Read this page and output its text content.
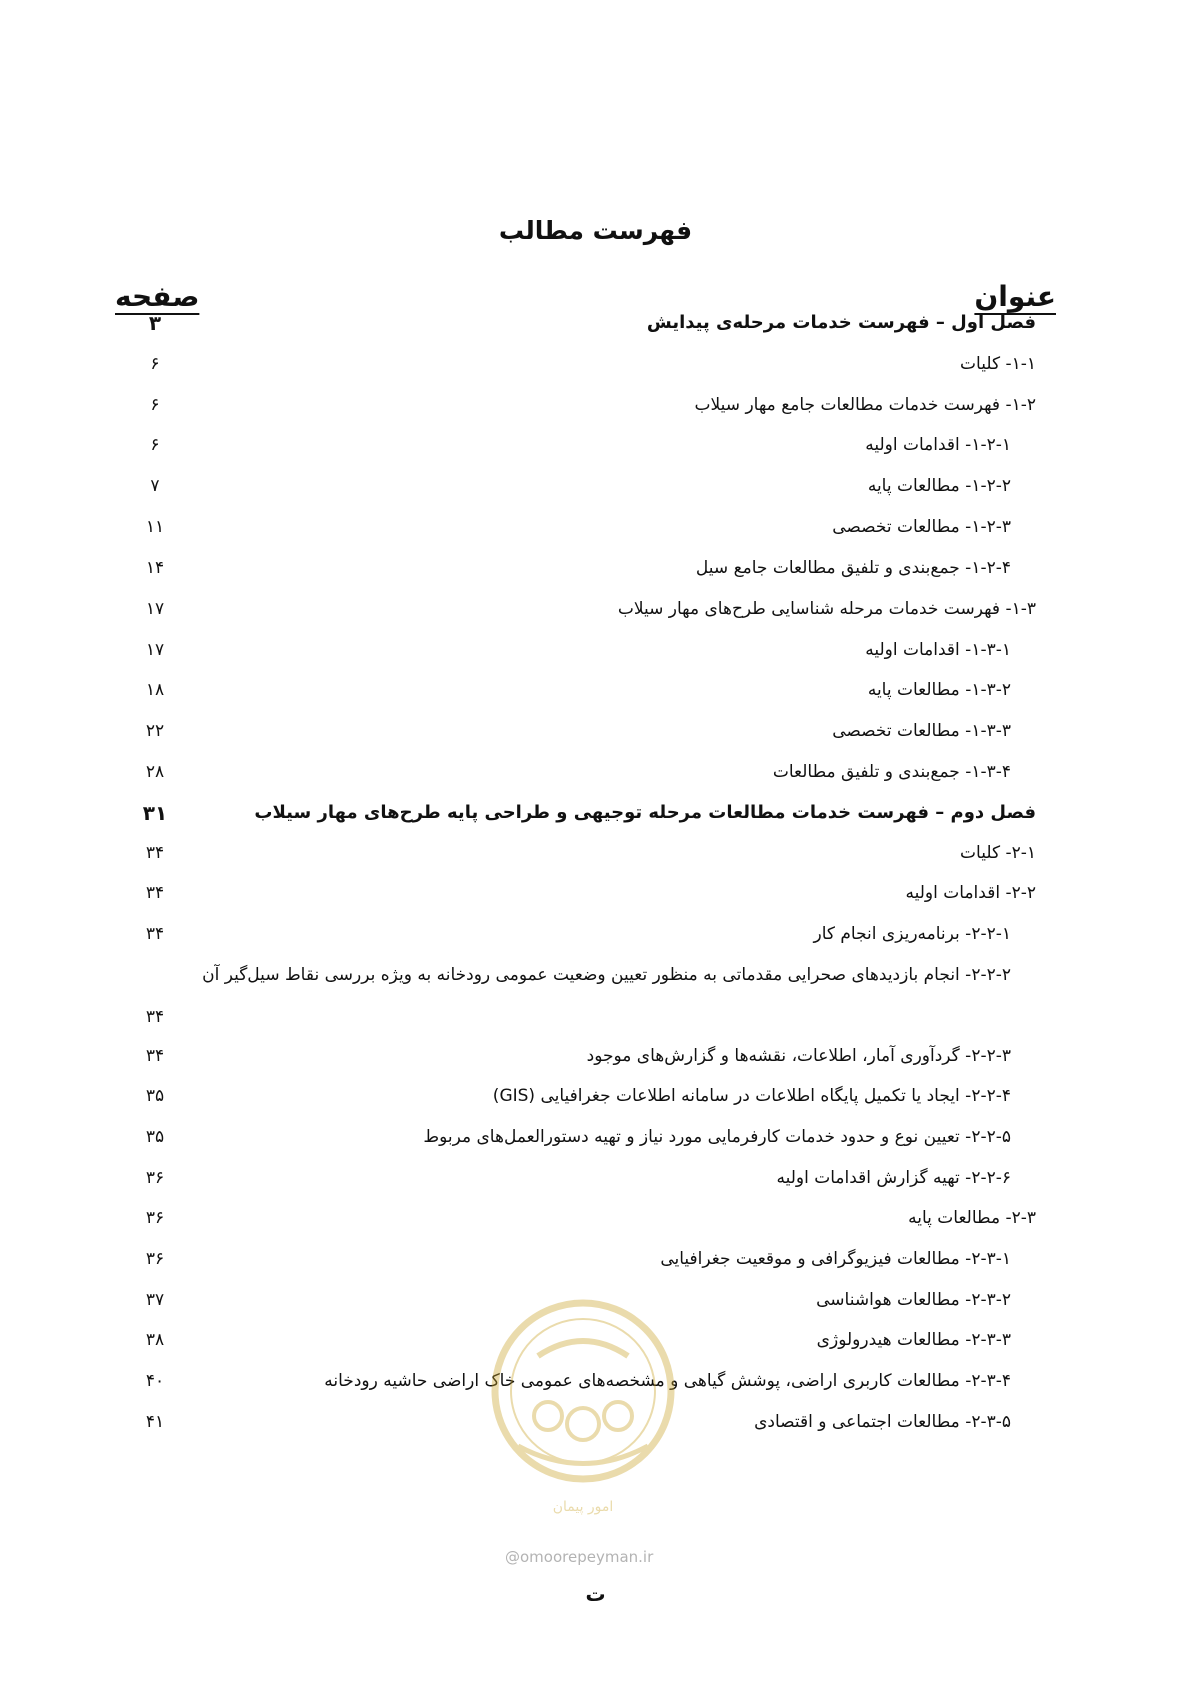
فهرست مطالب
عنوان
صفحه
فصل اول – فهرست خدمات مرحله‌ی پیدایش
۳
۱-۱- کلیات
۶
۱-۲- فهرست خدمات مطالعات جامع مهار سیلاب
۶
۱-۲-۱- اقدامات اولیه
۶
۱-۲-۲- مطالعات پایه
۷
۱-۲-۳- مطالعات تخصصی
۱۱
۱-۲-۴- جمع‌بندی و تلفیق مطالعات جامع سیل
۱۴
۱-۳- فهرست خدمات مرحله شناسایی طرح‌های مهار سیلاب
۱۷
۱-۳-۱- اقدامات اولیه
۱۷
۱-۳-۲- مطالعات پایه
۱۸
۱-۳-۳- مطالعات تخصصی
۲۲
۱-۳-۴- جمع‌بندی و تلفیق مطالعات
۲۸
فصل دوم – فهرست خدمات مطالعات مرحله توجیهی و طراحی پایه طرح‌های مهار سیلاب
۳۱
۲-۱- کلیات
۳۴
۲-۲- اقدامات اولیه
۳۴
۲-۲-۱- برنامه‌ریزی انجام کار
۳۴
۲-۲-۲- انجام بازدیدهای صحرایی مقدماتی به منظور تعیین وضعیت عمومی رودخانه به ویژه بررسی نقاط سیل‌گیر آن
۳۴
۲-۲-۳- گردآوری آمار، اطلاعات، نقشه‌ها و گزارش‌های موجود
۳۴
۲-۲-۴- ایجاد یا تکمیل پایگاه اطلاعات در سامانه اطلاعات جغرافیایی (GIS)
۳۵
۲-۲-۵- تعیین نوع و حدود خدمات کارفرمایی مورد نیاز و تهیه دستورالعمل‌های مربوط
۳۵
۲-۲-۶- تهیه گزارش اقدامات اولیه
۳۶
۲-۳- مطالعات پایه
۳۶
۲-۳-۱- مطالعات فیزیوگرافی و موقعیت جغرافیایی
۳۶
۲-۳-۲- مطالعات هواشناسی
۳۷
۲-۳-۳- مطالعات هیدرولوژی
۳۸
۲-۳-۴- مطالعات کاربری اراضی، پوشش گیاهی و مشخصه‌های عمومی خاک اراضی حاشیه رودخانه
۴۰
۲-۳-۵- مطالعات اجتماعی و اقتصادی
۴۱
امور پیمان
@omoorepeyman.ir
ت
